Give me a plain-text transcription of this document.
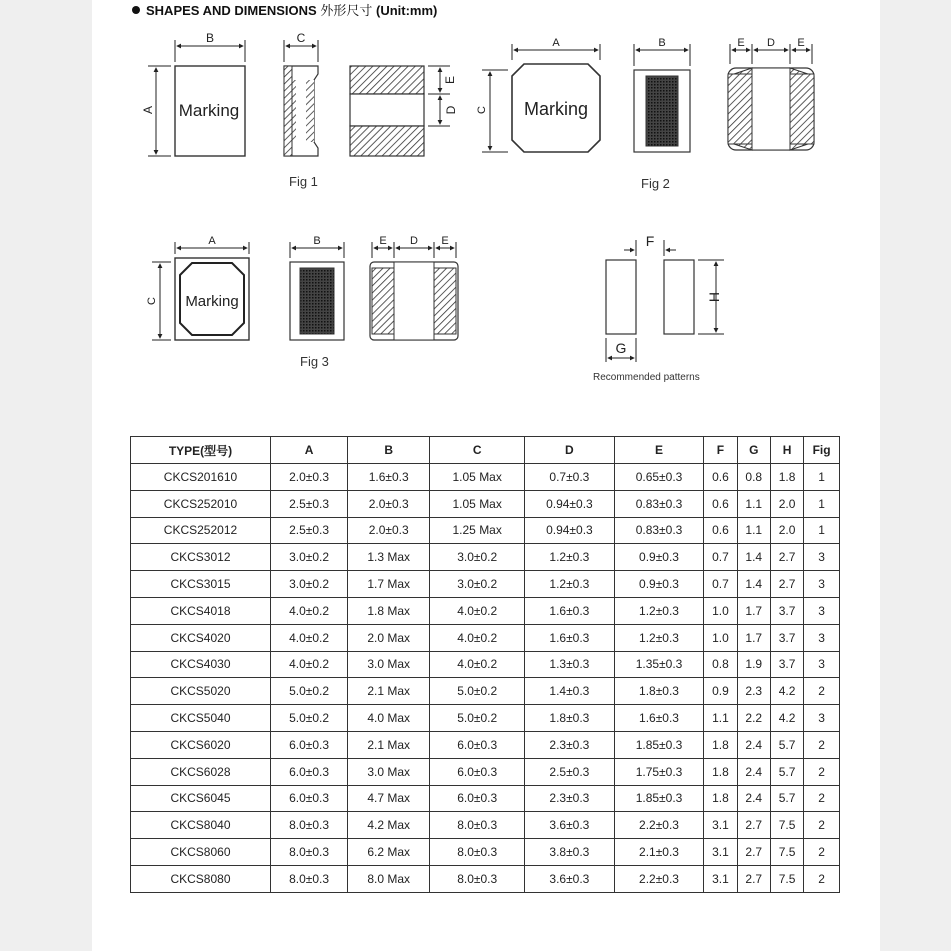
SHAPES AND DIMENSIONS 外形尺寸 (Unit:mm)
B
A Marking
C
E
D
A
C Marking
B	E D E
A
C Marking
B	E D E	F
G
H
Fig 1	Fig 2
Fig 3
Recommended patterns
TYPE(型号)	A	B	C	D	E	F	G	H	Fig
CKCS201610	2.0±0.3	1.6±0.3	1.05 Max	0.7±0.3	0.65±0.3	0.6	0.8	1.8	1
CKCS252010	2.5±0.3	2.0±0.3	1.05 Max	0.94±0.3	0.83±0.3	0.6	1.1	2.0	1
CKCS252012	2.5±0.3	2.0±0.3	1.25 Max	0.94±0.3	0.83±0.3	0.6	1.1	2.0	1
CKCS3012	3.0±0.2	1.3 Max	3.0±0.2	1.2±0.3	0.9±0.3	0.7	1.4	2.7	3
CKCS3015	3.0±0.2	1.7 Max	3.0±0.2	1.2±0.3	0.9±0.3	0.7	1.4	2.7	3
CKCS4018	4.0±0.2	1.8 Max	4.0±0.2	1.6±0.3	1.2±0.3	1.0	1.7	3.7	3
CKCS4020	4.0±0.2	2.0 Max	4.0±0.2	1.6±0.3	1.2±0.3	1.0	1.7	3.7	3
CKCS4030	4.0±0.2	3.0 Max	4.0±0.2	1.3±0.3	1.35±0.3	0.8	1.9	3.7	3
CKCS5020	5.0±0.2	2.1 Max	5.0±0.2	1.4±0.3	1.8±0.3	0.9	2.3	4.2	2
CKCS5040	5.0±0.2	4.0 Max	5.0±0.2	1.8±0.3	1.6±0.3	1.1	2.2	4.2	3
CKCS6020	6.0±0.3	2.1 Max	6.0±0.3	2.3±0.3	1.85±0.3	1.8	2.4	5.7	2
CKCS6028	6.0±0.3	3.0 Max	6.0±0.3	2.5±0.3	1.75±0.3	1.8	2.4	5.7	2
CKCS6045	6.0±0.3	4.7 Max	6.0±0.3	2.3±0.3	1.85±0.3	1.8	2.4	5.7	2
CKCS8040	8.0±0.3	4.2 Max	8.0±0.3	3.6±0.3	2.2±0.3	3.1	2.7	7.5	2
CKCS8060	8.0±0.3	6.2 Max	8.0±0.3	3.8±0.3	2.1±0.3	3.1	2.7	7.5	2
CKCS8080	8.0±0.3	8.0 Max	8.0±0.3	3.6±0.3	2.2±0.3	3.1	2.7	7.5	2
